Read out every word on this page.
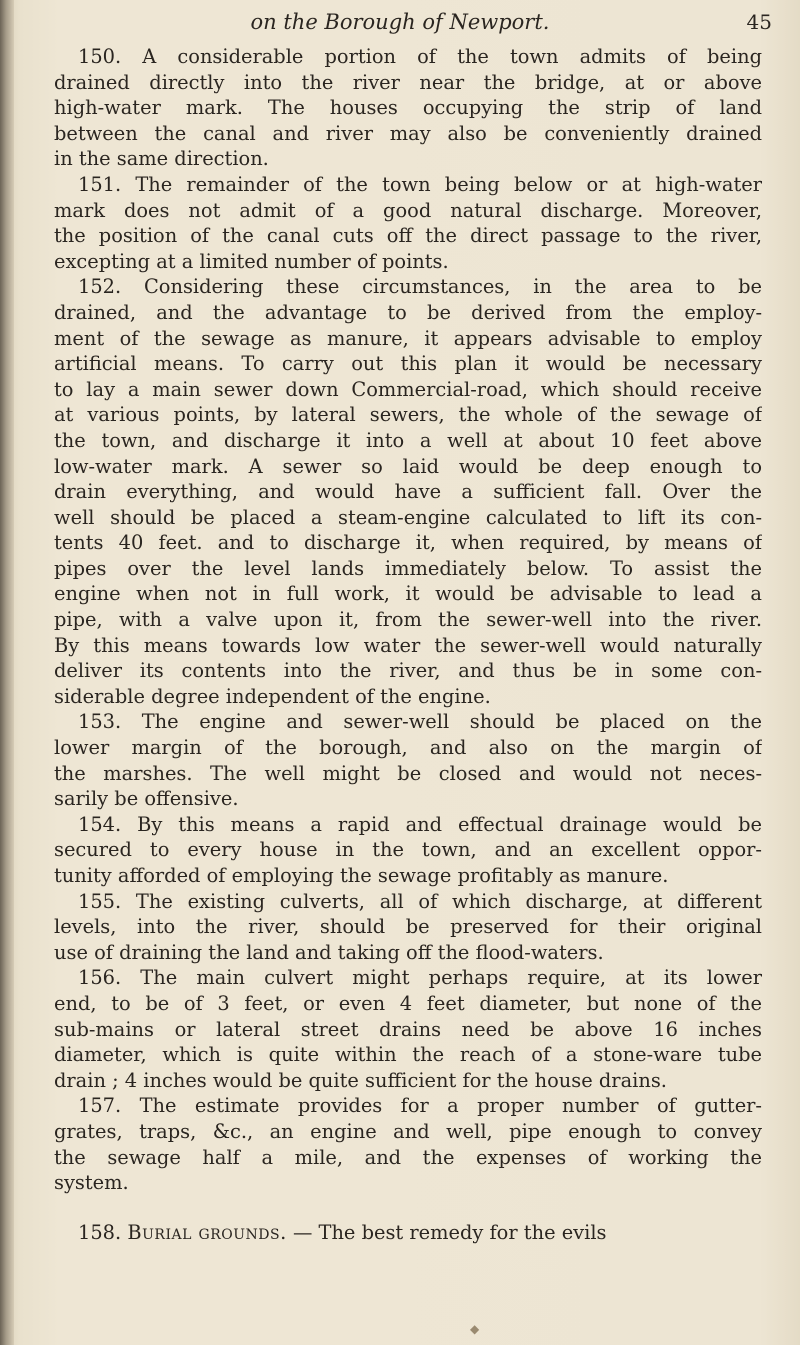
on the Borough of Newport.	45
150. A considerable portion of the town admits of being
drained directly into the river near the bridge, at or above
high-water mark. The houses occupying the strip of land
between the canal and river may also be conveniently drained
in the same direction.
151. The remainder of the town being below or at high-water
mark does not admit of a good natural discharge. Moreover,
the position of the canal cuts off the direct passage to the river,
excepting at a limited number of points.
152. Considering these circumstances, in the area to be
drained, and the advantage to be derived from the employ-
ment of the sewage as manure, it appears advisable to employ
artificial means. To carry out this plan it would be necessary
to lay a main sewer down Commercial-road, which should receive
at various points, by lateral sewers, the whole of the sewage of
the town, and discharge it into a well at about 10 feet above
low-water mark. A sewer so laid would be deep enough to
drain everything, and would have a sufficient fall. Over the
well should be placed a steam-engine calculated to lift its con-
tents 40 feet. and to discharge it, when required, by means of
pipes over the level lands immediately below. To assist the
engine when not in full work, it would be advisable to lead a
pipe, with a valve upon it, from the sewer-well into the river.
By this means towards low water the sewer-well would naturally
deliver its contents into the river, and thus be in some con-
siderable degree independent of the engine.
153. The engine and sewer-well should be placed on the
lower margin of the borough, and also on the margin of
the marshes. The well might be closed and would not neces-
sarily be offensive.
154. By this means a rapid and effectual drainage would be
secured to every house in the town, and an excellent oppor-
tunity afforded of employing the sewage profitably as manure.
155. The existing culverts, all of which discharge, at different
levels, into the river, should be preserved for their original
use of draining the land and taking off the flood-waters.
156. The main culvert might perhaps require, at its lower
end, to be of 3 feet, or even 4 feet diameter, but none of the
sub-mains or lateral street drains need be above 16 inches
diameter, which is quite within the reach of a stone-ware tube
drain ; 4 inches would be quite sufficient for the house drains.
157. The estimate provides for a proper number of gutter-
grates, traps, &c., an engine and well, pipe enough to convey
the sewage half a mile, and the expenses of working the
system.
158. Burial grounds. — The best remedy for the evils
◆
